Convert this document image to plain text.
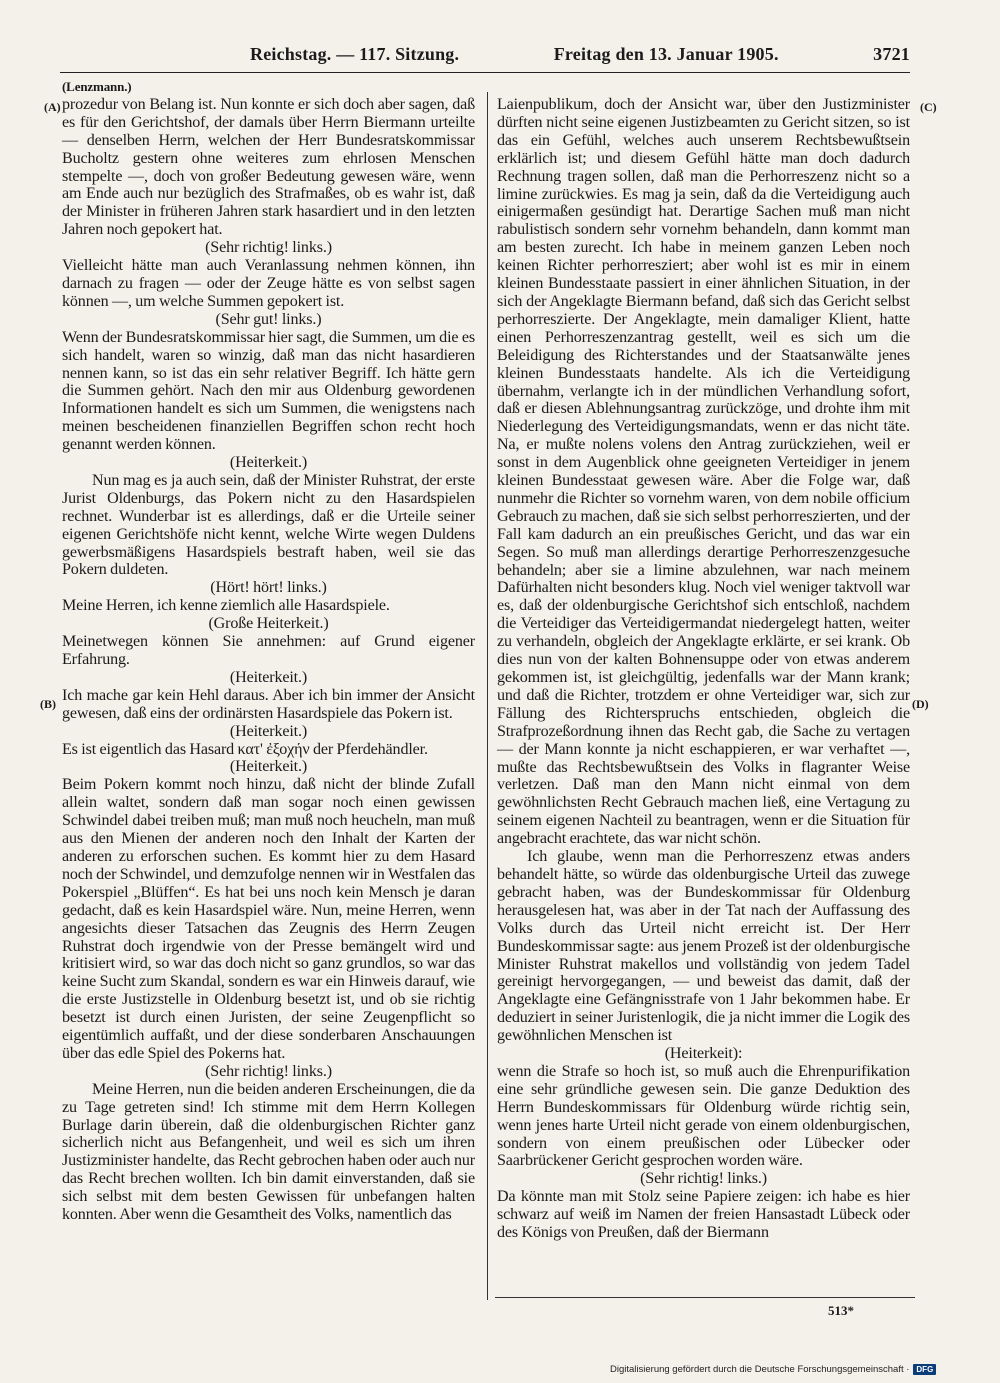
Reichstag. — 117. Sitzung.	Freitag den 13. Januar 1905.	3721
(A)
(B)
(C)
(D)
(Lenzmann.)

prozedur von Belang ist. Nun konnte er sich doch aber sagen, daß es für den Gerichtshof, der damals über Herrn Biermann urteilte — denselben Herrn, welchen der Herr Bundesratskommissar Bucholtz gestern ohne weiteres zum ehrlosen Menschen stempelte —, doch von großer Bedeutung gewesen wäre, wenn am Ende auch nur bezüglich des Strafmaßes, ob es wahr ist, daß der Minister in früheren Jahren stark hasardiert und in den letzten Jahren noch gepokert hat.

(Sehr richtig! links.)

Vielleicht hätte man auch Veranlassung nehmen können, ihn darnach zu fragen — oder der Zeuge hätte es von selbst sagen können —, um welche Summen gepokert ist.

(Sehr gut! links.)

Wenn der Bundesratskommissar hier sagt, die Summen, um die es sich handelt, waren so winzig, daß man das nicht hasardieren nennen kann, so ist das ein sehr relativer Begriff. Ich hätte gern die Summen gehört. Nach den mir aus Oldenburg gewordenen Informationen handelt es sich um Summen, die wenigstens nach meinen bescheidenen finanziellen Begriffen schon recht hoch genannt werden können.

(Heiterkeit.)

Nun mag es ja auch sein, daß der Minister Ruhstrat, der erste Jurist Oldenburgs, das Pokern nicht zu den Hasardspielen rechnet. Wunderbar ist es allerdings, daß er die Urteile seiner eigenen Gerichtshöfe nicht kennt, welche Wirte wegen Duldens gewerbsmäßigens Hasardspiels bestraft haben, weil sie das Pokern duldeten.

(Hört! hört! links.)

Meine Herren, ich kenne ziemlich alle Hasardspiele.

(Große Heiterkeit.)

Meinetwegen können Sie annehmen: auf Grund eigener Erfahrung.

(Heiterkeit.)

Ich mache gar kein Hehl daraus. Aber ich bin immer der Ansicht gewesen, daß eins der ordinärsten Hasardspiele das Pokern ist.

(Heiterkeit.)

Es ist eigentlich das Hasard κατ' ἐξοχήν der Pferdehändler.

(Heiterkeit.)

Beim Pokern kommt noch hinzu, daß nicht der blinde Zufall allein waltet, sondern daß man sogar noch einen gewissen Schwindel dabei treiben muß; man muß noch heucheln, man muß aus den Mienen der anderen noch den Inhalt der Karten der anderen zu erforschen suchen. Es kommt hier zu dem Hasard noch der Schwindel, und demzufolge nennen wir in Westfalen das Pokerspiel „Blüffen“. Es hat bei uns noch kein Mensch je daran gedacht, daß es kein Hasardspiel wäre. Nun, meine Herren, wenn angesichts dieser Tatsachen das Zeugnis des Herrn Zeugen Ruhstrat doch irgendwie von der Presse bemängelt wird und kritisiert wird, so war das doch nicht so ganz grundlos, so war das keine Sucht zum Skandal, sondern es war ein Hinweis darauf, wie die erste Justizstelle in Oldenburg besetzt ist, und ob sie richtig besetzt ist durch einen Juristen, der seine Zeugenpflicht so eigentümlich auffaßt, und der diese sonderbaren Anschauungen über das edle Spiel des Pokerns hat.

(Sehr richtig! links.)

Meine Herren, nun die beiden anderen Erscheinungen, die da zu Tage getreten sind! Ich stimme mit dem Herrn Kollegen Burlage darin überein, daß die oldenburgischen Richter ganz sicherlich nicht aus Befangenheit, und weil es sich um ihren Justizminister handelte, das Recht gebrochen haben oder auch nur das Recht brechen wollten. Ich bin damit einverstanden, daß sie sich selbst mit dem besten Gewissen für unbefangen halten konnten. Aber wenn die Gesamtheit des Volks, namentlich das

Laienpublikum, doch der Ansicht war, über den Justizminister dürften nicht seine eigenen Justizbeamten zu Gericht sitzen, so ist das ein Gefühl, welches auch unserem Rechtsbewußtsein erklärlich ist; und diesem Gefühl hätte man doch dadurch Rechnung tragen sollen, daß man die Perhorreszenz nicht so a limine zurückwies. Es mag ja sein, daß da die Verteidigung auch einigermaßen gesündigt hat. Derartige Sachen muß man nicht rabulistisch sondern sehr vornehm behandeln, dann kommt man am besten zurecht. Ich habe in meinem ganzen Leben noch keinen Richter perhorresziert; aber wohl ist es mir in einem kleinen Bundesstaate passiert in einer ähnlichen Situation, in der sich der Angeklagte Biermann befand, daß sich das Gericht selbst perhorreszierte. Der Angeklagte, mein damaliger Klient, hatte einen Perhorreszenzantrag gestellt, weil es sich um die Beleidigung des Richterstandes und der Staatsanwälte jenes kleinen Bundesstaats handelte. Als ich die Verteidigung übernahm, verlangte ich in der mündlichen Verhandlung sofort, daß er diesen Ablehnungsantrag zurückzöge, und drohte ihm mit Niederlegung des Verteidigungsmandats, wenn er das nicht täte. Na, er mußte nolens volens den Antrag zurückziehen, weil er sonst in dem Augenblick ohne geeigneten Verteidiger in jenem kleinen Bundesstaat gewesen wäre. Aber die Folge war, daß nunmehr die Richter so vornehm waren, von dem nobile officium Gebrauch zu machen, daß sie sich selbst perhorreszierten, und der Fall kam dadurch an ein preußisches Gericht, und das war ein Segen. So muß man allerdings derartige Perhorreszenzgesuche behandeln; aber sie a limine abzulehnen, war nach meinem Dafürhalten nicht besonders klug. Noch viel weniger taktvoll war es, daß der oldenburgische Gerichtshof sich entschloß, nachdem die Verteidiger das Verteidigermandat niedergelegt hatten, weiter zu verhandeln, obgleich der Angeklagte erklärte, er sei krank. Ob dies nun von der kalten Bohnensuppe oder von etwas anderem gekommen ist, ist gleichgültig, jedenfalls war der Mann krank; und daß die Richter, trotzdem er ohne Verteidiger war, sich zur Fällung des Richterspruchs entschieden, obgleich die Strafprozeßordnung ihnen das Recht gab, die Sache zu vertagen — der Mann konnte ja nicht eschappieren, er war verhaftet —, mußte das Rechtsbewußtsein des Volks in flagranter Weise verletzen. Daß man den Mann nicht einmal von dem gewöhnlichsten Recht Gebrauch machen ließ, eine Vertagung zu seinem eigenen Nachteil zu beantragen, wenn er die Situation für angebracht erachtete, das war nicht schön.

Ich glaube, wenn man die Perhorreszenz etwas anders behandelt hätte, so würde das oldenburgische Urteil das zuwege gebracht haben, was der Bundeskommissar für Oldenburg herausgelesen hat, was aber in der Tat nach der Auffassung des Volks durch das Urteil nicht erreicht ist. Der Herr Bundeskommissar sagte: aus jenem Prozeß ist der oldenburgische Minister Ruhstrat makellos und vollständig von jedem Tadel gereinigt hervorgegangen, — und beweist das damit, daß der Angeklagte eine Gefängnisstrafe von 1 Jahr bekommen habe. Er deduziert in seiner Juristenlogik, die ja nicht immer die Logik des gewöhnlichen Menschen ist

(Heiterkeit):

wenn die Strafe so hoch ist, so muß auch die Ehrenpurifikation eine sehr gründliche gewesen sein. Die ganze Deduktion des Herrn Bundeskommissars für Oldenburg würde richtig sein, wenn jenes harte Urteil nicht gerade von einem oldenburgischen, sondern von einem preußischen oder Lübecker oder Saarbrückener Gericht gesprochen worden wäre.

(Sehr richtig! links.)

Da könnte man mit Stolz seine Papiere zeigen: ich habe es hier schwarz auf weiß im Namen der freien Hansastadt Lübeck oder des Königs von Preußen, daß der Biermann

513*
Digitalisierung gefördert durch die Deutsche Forschungsgemeinschaft · DFG
